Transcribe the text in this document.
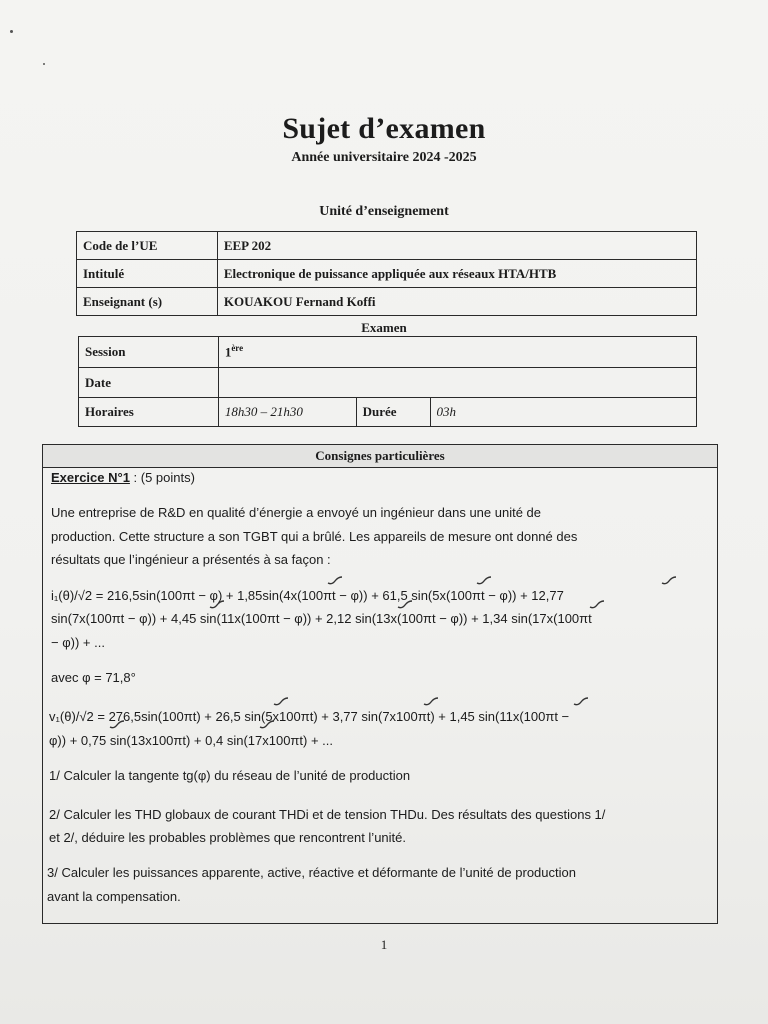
Sujet d’examen
Année universitaire 2024 -2025
Unité d’enseignement
Code de l’UE	EEP 202
Intitulé	Electronique de puissance appliquée aux réseaux HTA/HTB
Enseignant (s)	KOUAKOU Fernand Koffi
Examen
Session	1ère
Date			
Horaires	18h30 – 21h30	Durée	03h
Consignes particulières
Exercice N°1 : (5 points)
Une entreprise de R&D en qualité d’énergie a envoyé un ingénieur dans une unité de
production. Cette structure a son TGBT qui a brûlé. Les appareils de mesure ont donné des
résultats que l’ingénieur a présentés à sa façon :
i₁(θ)/√2 = 216,5sin(100πt − φ) + 1,85sin(4x(100πt − φ)) + 61,5 sin(5x(100πt − φ)) + 12,77
sin(7x(100πt − φ)) + 4,45 sin(11x(100πt − φ)) + 2,12 sin(13x(100πt − φ)) + 1,34 sin(17x(100πt
− φ)) + ...
avec φ = 71,8°
v₁(θ)/√2 = 276,5sin(100πt) + 26,5 sin(5x100πt) + 3,77 sin(7x100πt) + 1,45 sin(11x(100πt −
φ)) + 0,75 sin(13x100πt) + 0,4 sin(17x100πt) + ...
1/ Calculer la tangente tg(φ) du réseau de l’unité de production
2/ Calculer les THD globaux de courant THDi et de tension THDu. Des résultats des questions 1/
et 2/, déduire les probables problèmes que rencontrent l’unité.
3/ Calculer les puissances apparente, active, réactive et déformante de l’unité de production
avant la compensation.
1
